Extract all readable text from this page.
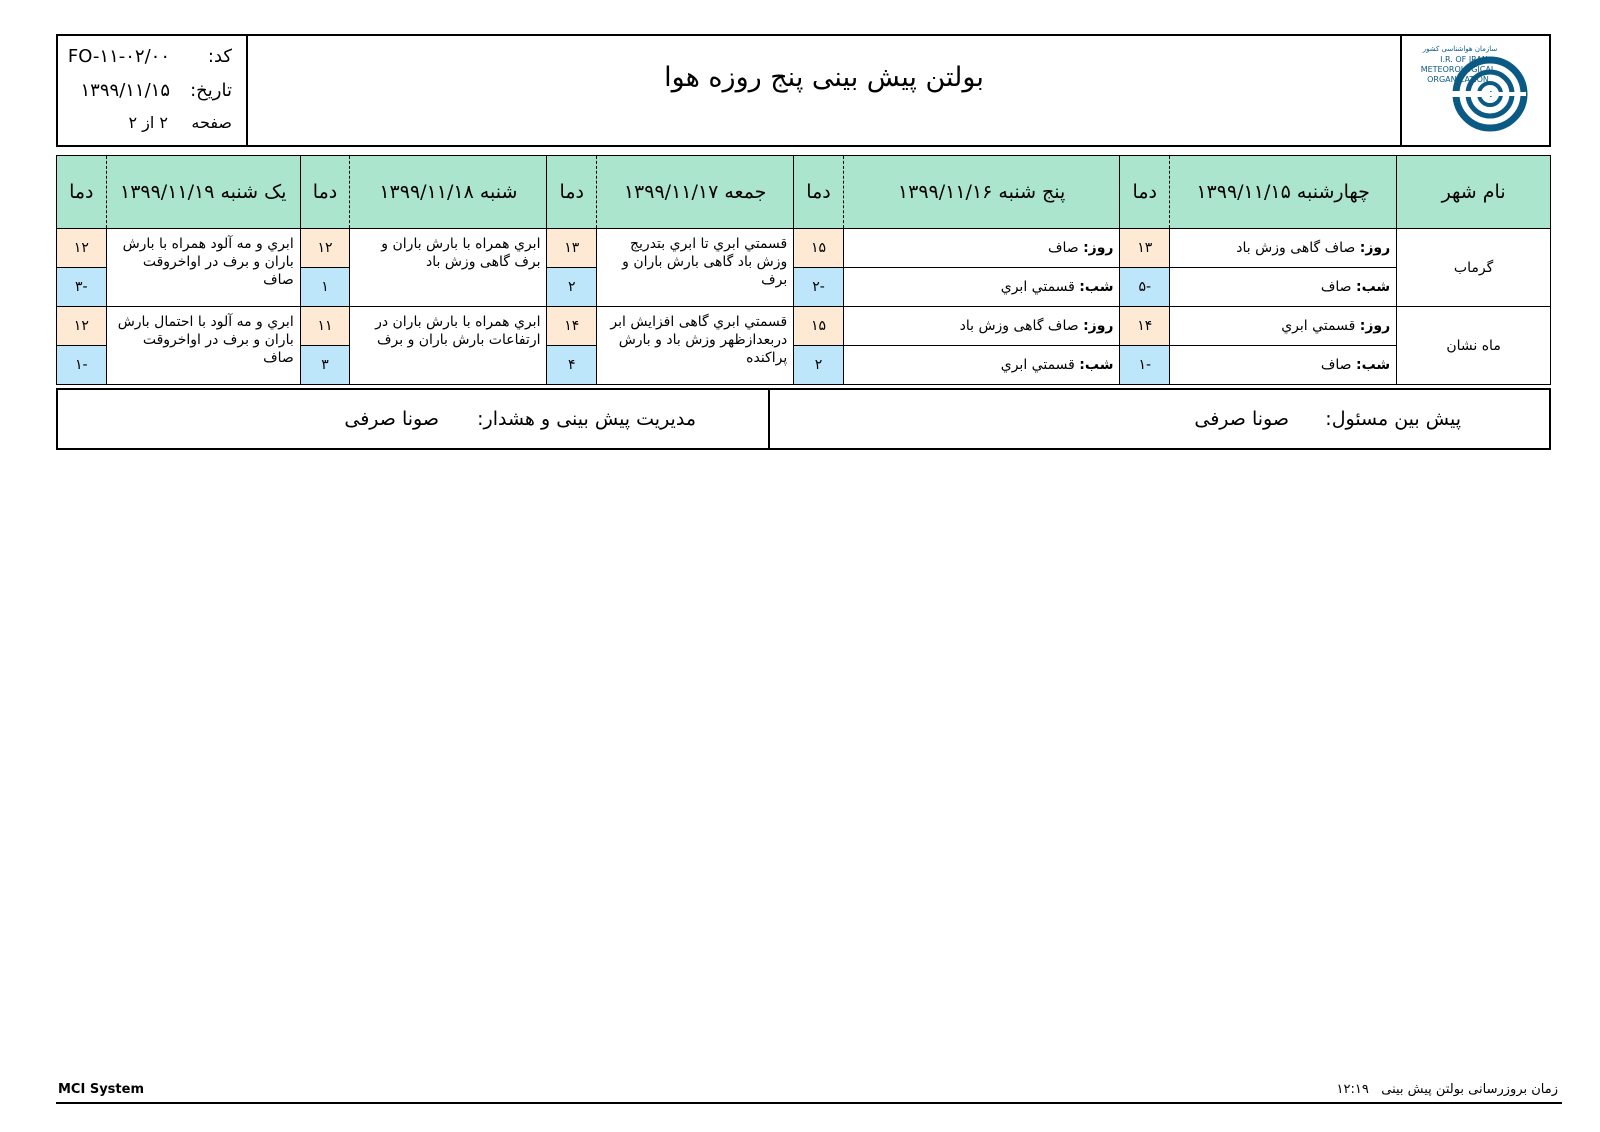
سازمان هواشناسی کشور
I.R. OF IRAN
METEOROLOGICAL
ORGANIZATION
بولتن پیش بینی پنج روزه هوا
کد:
FO-۱۱-۰۲/۰۰
تاریخ:
۱۳۹۹/۱۱/۱۵
صفحه
۲ از ۲
نام شهر	چهارشنبه ۱۳۹۹/۱۱/۱۵	دما	پنج شنبه ۱۳۹۹/۱۱/۱۶	دما	جمعه ۱۳۹۹/۱۱/۱۷	دما	شنبه ۱۳۹۹/۱۱/۱۸	دما	یک شنبه ۱۳۹۹/۱۱/۱۹	دما
گرماب	روز: صاف گاهی وزش باد	۱۳	روز: صاف	۱۵	قسمتي ابري تا ابري بتدريج وزش باد گاهی بارش باران و برف	۱۳	ابري همراه با بارش باران و برف گاهی وزش باد	۱۲	ابري و مه آلود همراه با بارش باران و برف در اواخروقت صاف	۱۲
	شب: صاف	-۵	شب: قسمتي ابري	-۲		۲		۱		-۳
ماه نشان	روز: قسمتي ابري	۱۴	روز: صاف گاهی وزش باد	۱۵	قسمتي ابري گاهی افزایش ابر دربعدازظهر وزش باد و بارش پراکنده	۱۴	ابري همراه با بارش باران در ارتفاعات بارش باران و برف	۱۱	ابري و مه آلود با احتمال بارش باران و برف در اواخروقت صاف	۱۲
	شب: صاف	-۱	شب: قسمتي ابري	۲		۴		۳		-۱
پیش بین مسئول:
صونا صرفی
مدیریت پیش بینی و هشدار:
صونا صرفی
MCI System	زمان بروزرسانی بولتن پیش بینی   ۱۲:۱۹
